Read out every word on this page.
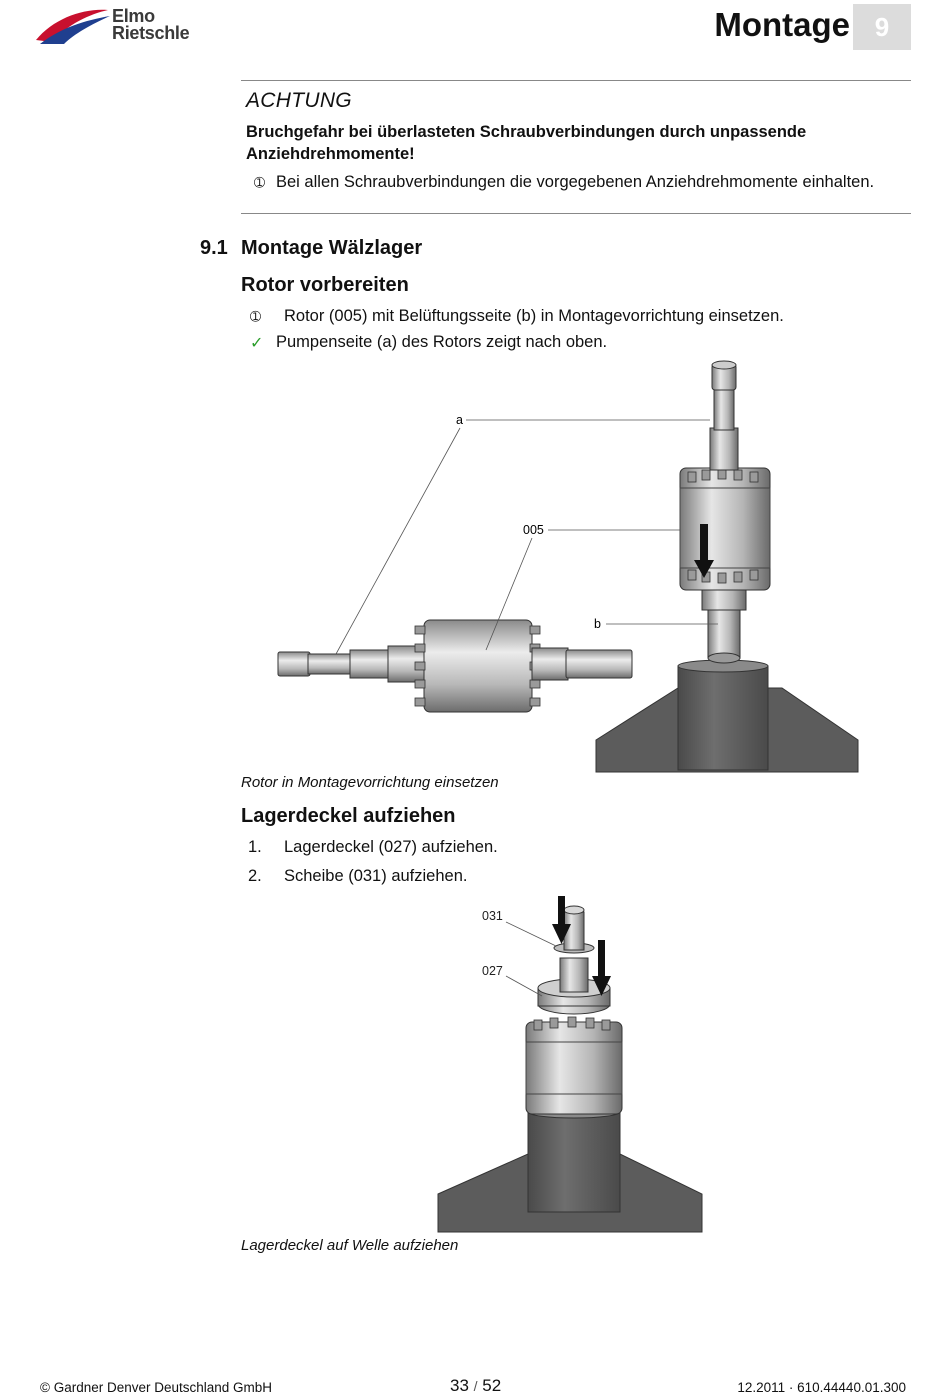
Elmo
Rietschle	Montage 9
ACHTUNG
Bruchgefahr bei überlasteten Schraubverbindungen durch unpassende Anziehdrehmomente!
➀ Bei allen Schraubverbindungen die vorgegebenen Anziehdrehmomente einhalten.
9.1 Montage Wälzlager
Rotor vorbereiten
➀ Rotor (005) mit Belüftungsseite (b) in Montagevorrichtung einsetzen.
✓ Pumpenseite (a) des Rotors zeigt nach oben.
a
005
b
Rotor in Montagevorrichtung einsetzen
Lagerdeckel aufziehen
1. Lagerdeckel (027) aufziehen.
2. Scheibe (031) aufziehen.
031
027
Lagerdeckel auf Welle aufziehen
© Gardner Denver Deutschland GmbH	33 / 52	12.2011 · 610.44440.01.300
